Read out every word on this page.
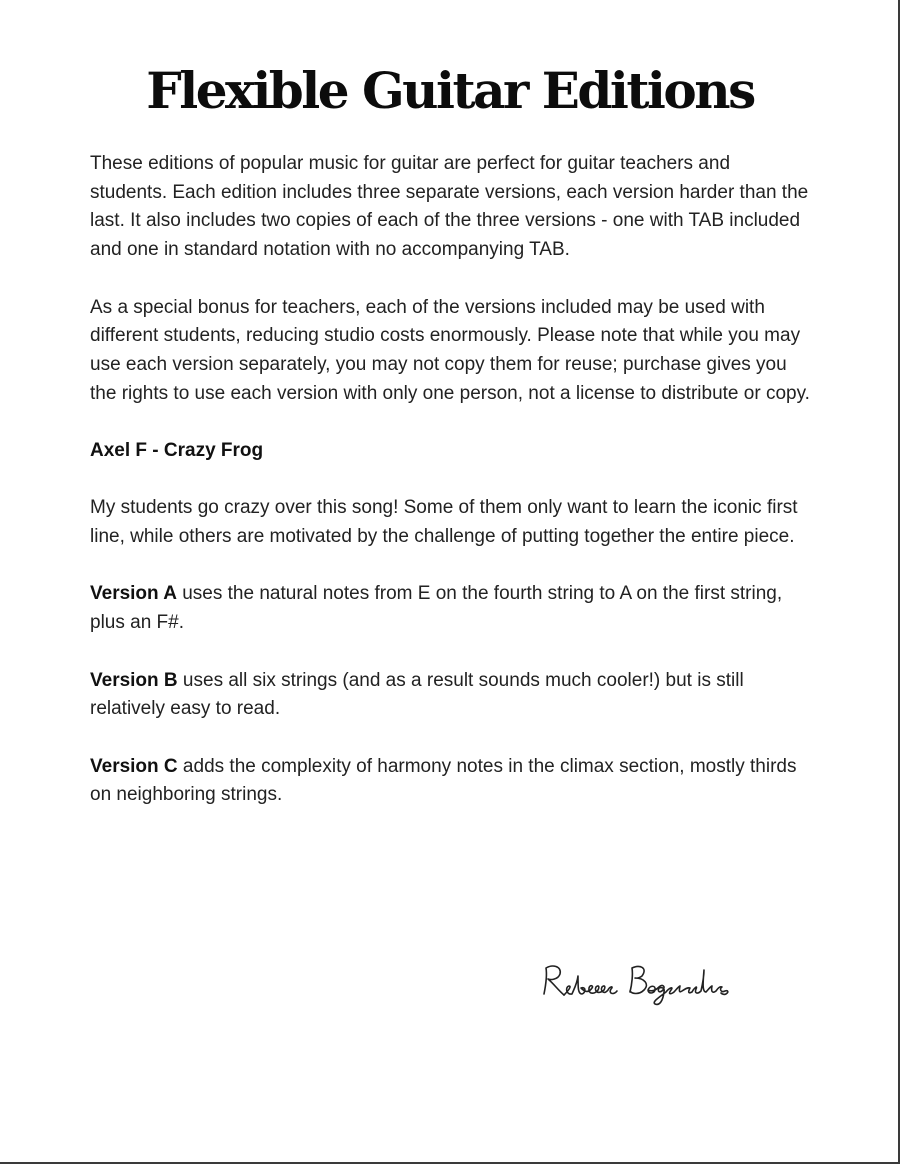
Flexible Guitar Editions

These editions of popular music for guitar are perfect for guitar teachers and students. Each edition includes three separate versions, each version harder than the last. It also includes two copies of each of the three versions - one with TAB included and one in standard notation with no accompanying TAB.

As a special bonus for teachers, each of the versions included may be used with different students, reducing studio costs enormously. Please note that while you may use each version separately, you may not copy them for reuse; purchase gives you the rights to use each version with only one person, not a license to distribute or copy.

Axel F - Crazy Frog

My students go crazy over this song! Some of them only want to learn the iconic first line, while others are motivated by the challenge of putting together the entire piece.

Version A uses the natural notes from E on the fourth string to A on the first string, plus an F#.

Version B uses all six strings (and as a result sounds much cooler!) but is still relatively easy to read.

Version C adds the complexity of harmony notes in the climax section, mostly thirds on neighboring strings.
